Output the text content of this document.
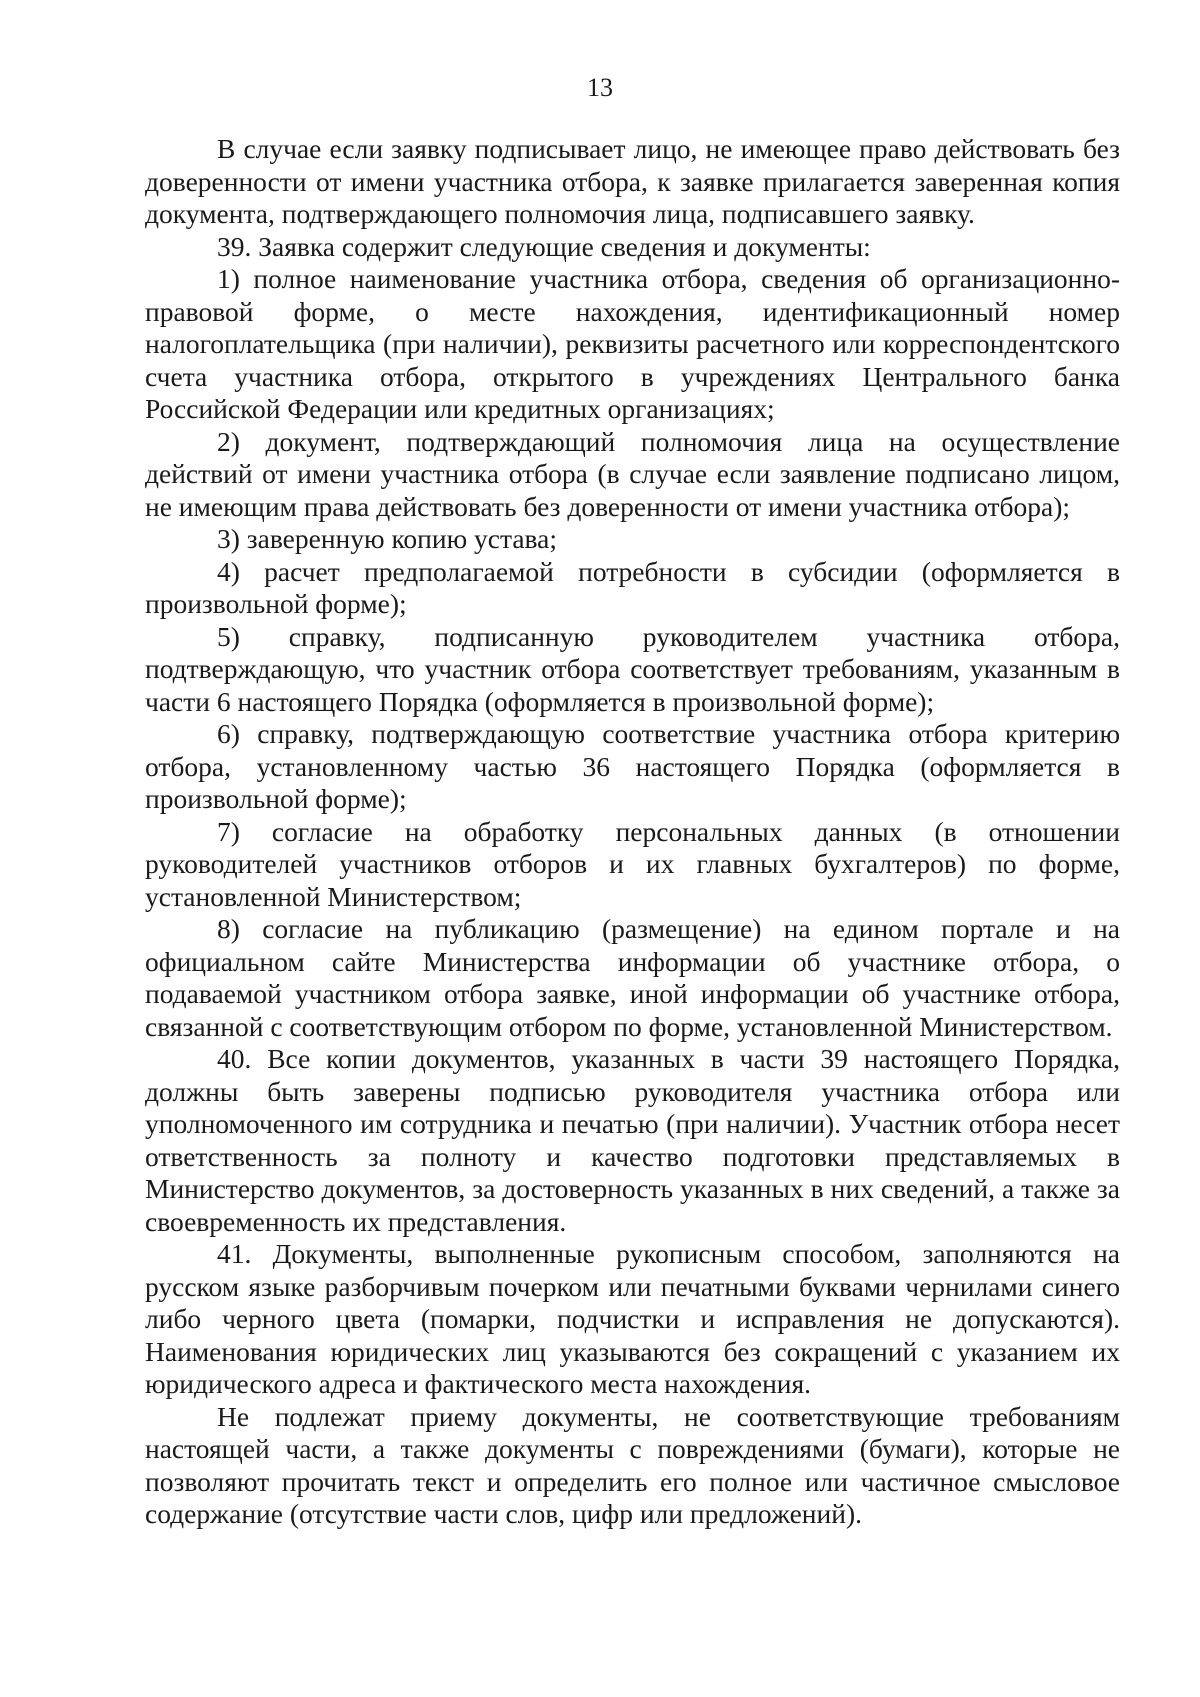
13

В случае если заявку подписывает лицо, не имеющее право действовать без доверенности от имени участника отбора, к заявке прилагается заверенная копия документа, подтверждающего полномочия лица, подписавшего заявку.

39. Заявка содержит следующие сведения и документы:

1) полное наименование участника отбора, сведения об организационно-правовой форме, о месте нахождения, идентификационный номер налогоплательщика (при наличии), реквизиты расчетного или корреспондентского счета участника отбора, открытого в учреждениях Центрального банка Российской Федерации или кредитных организациях;

2) документ, подтверждающий полномочия лица на осуществление действий от имени участника отбора (в случае если заявление подписано лицом, не имеющим права действовать без доверенности от имени участника отбора);

3) заверенную копию устава;

4) расчет предполагаемой потребности в субсидии (оформляется в произвольной форме);

5) справку, подписанную руководителем участника отбора, подтверждающую, что участник отбора соответствует требованиям, указанным в части 6 настоящего Порядка (оформляется в произвольной форме);

6) справку, подтверждающую соответствие участника отбора критерию отбора, установленному частью 36 настоящего Порядка (оформляется в произвольной форме);

7) согласие на обработку персональных данных (в отношении руководителей участников отборов и их главных бухгалтеров) по форме, установленной Министерством;

8) согласие на публикацию (размещение) на едином портале и на официальном сайте Министерства информации об участнике отбора, о подаваемой участником отбора заявке, иной информации об участнике отбора, связанной с соответствующим отбором по форме, установленной Министерством.

40. Все копии документов, указанных в части 39 настоящего Порядка, должны быть заверены подписью руководителя участника отбора или уполномоченного им сотрудника и печатью (при наличии). Участник отбора несет ответственность за полноту и качество подготовки представляемых в Министерство документов, за достоверность указанных в них сведений, а также за своевременность их представления.

41. Документы, выполненные рукописным способом, заполняются на русском языке разборчивым почерком или печатными буквами чернилами синего либо черного цвета (помарки, подчистки и исправления не допускаются). Наименования юридических лиц указываются без сокращений с указанием их юридического адреса и фактического места нахождения.

Не подлежат приему документы, не соответствующие требованиям настоящей части, а также документы с повреждениями (бумаги), которые не позволяют прочитать текст и определить его полное или частичное смысловое содержание (отсутствие части слов, цифр или предложений).
